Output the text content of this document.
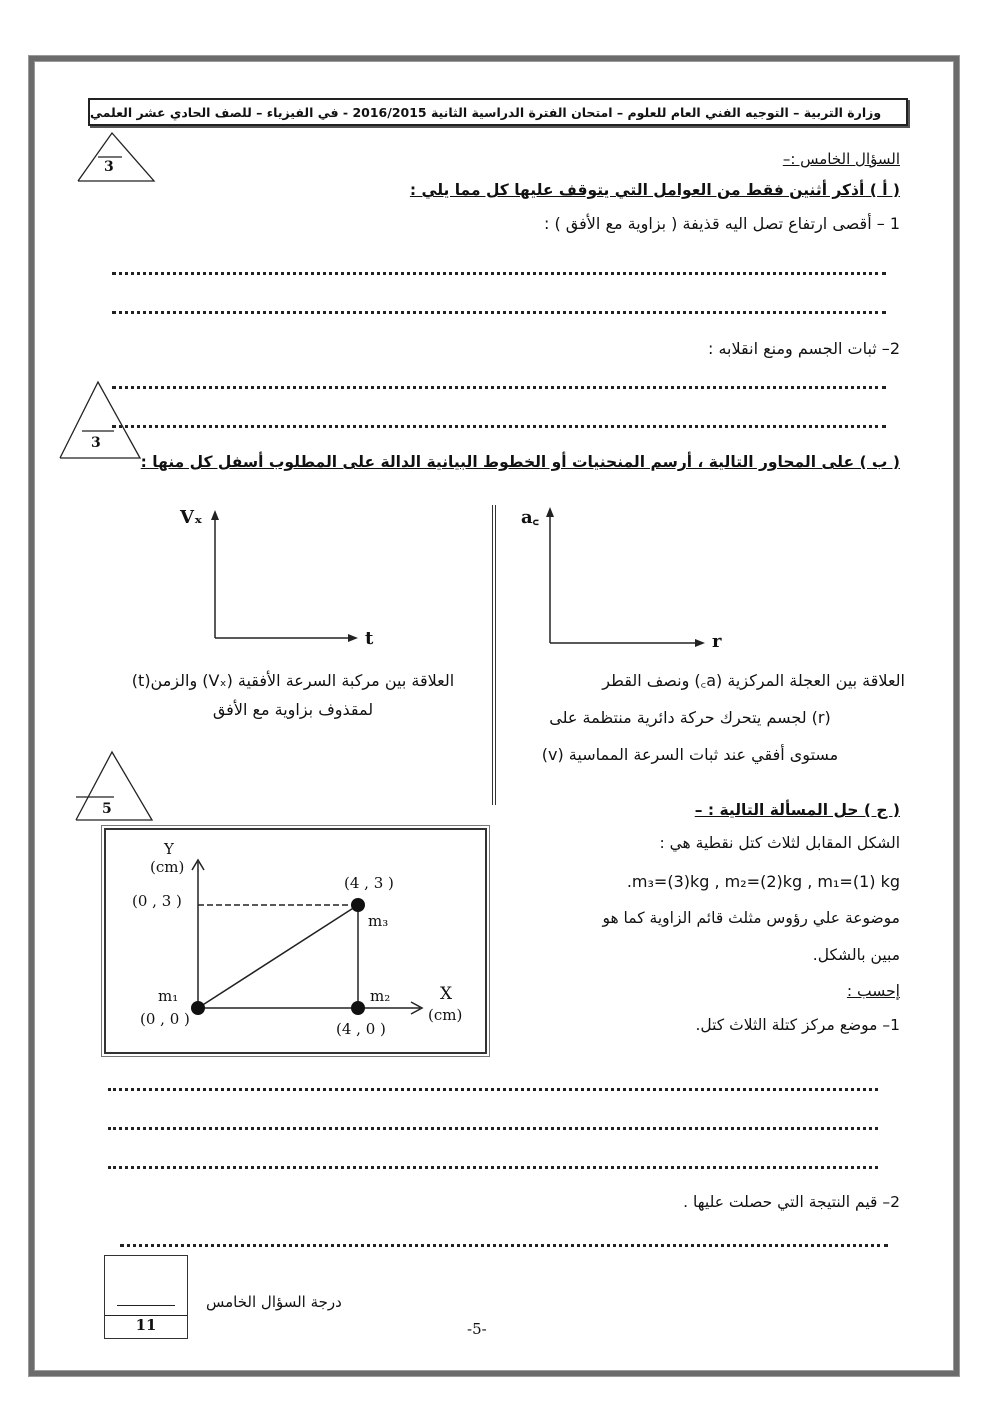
وزارة التربية – التوجيه الفني العام للعلوم – امتحان الفترة الدراسية الثانية 2016/2015 - في الفيزياء – للصف الحادي عشر العلمي
السؤال الخامس :–
3
( أ ) أذكر أثنين فقط من العوامل التي يتوقف عليها كل مما يلي :
1 – أقصى ارتفاع تصل اليه قذيفة ( بزاوية مع الأفق ) :
2– ثبات الجسم ومنع انقلابه :
3
( ب ) على المحاور التالية ، أرسم المنحنيات أو الخطوط البيانية الدالة على المطلوب أسفل كل منها :
Vₓ
t
العلاقة بين مركبة السرعة الأفقية (Vₓ) والزمن(t)
لمقذوف بزاوية مع الأفق
a꜀
r
العلاقة بين العجلة المركزية (a꜀) ونصف القطر
(r) لجسم يتحرك حركة دائرية منتظمة على
مستوى أفقي عند ثبات السرعة المماسية (v)
5	( ج ) حل المسألة التالية : –
Y
(cm)
(0 , 3 )
(4 , 3 )
m₃
m₁
(0 , 0 )
m₂
(4 , 0 )
X
(cm)
الشكل المقابل لثلاث كتل نقطية هي :
.m₃=(3)kg , m₂=(2)kg , m₁=(1) kg
موضوعة علي رؤوس مثلث قائم الزاوية كما هو
مبين بالشكل.
إحسب :
1– موضع مركز كتلة الثلاث كتل.
2– قيم النتيجة التي حصلت عليها .
11
درجة السؤال الخامس
-5-
